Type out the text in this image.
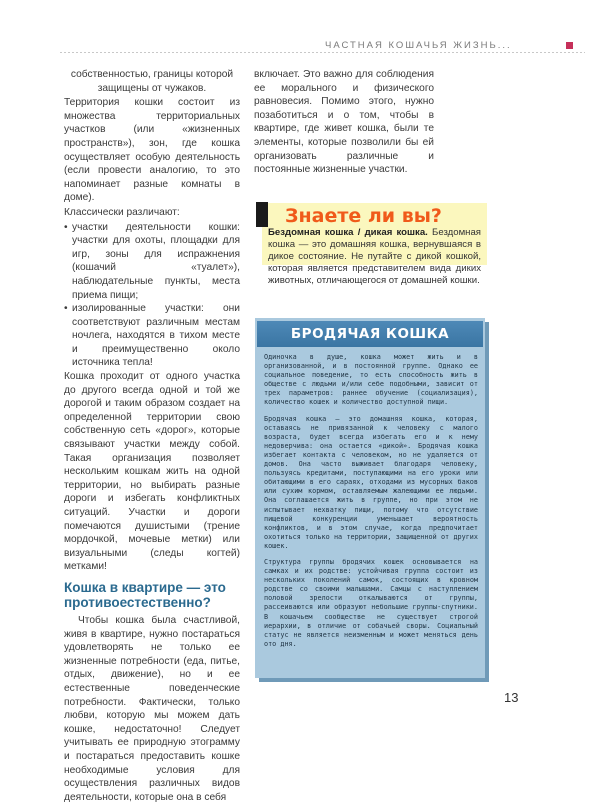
ЧАСТНАЯ КОШАЧЬЯ ЖИЗНЬ...

собственностью, границы которой защищены от чужаков.

Территория кошки состоит из множества территориальных участков (или «жизненных пространств»), зон, где кошка осуществляет особую деятельность (если провести аналогию, то это напоминает разные комнаты в доме).

Классически различают:

• участки деятельности кошки: участки для охоты, площадки для игр, зоны для испражнения (кошачий «туалет»), наблюдательные пункты, места приема пищи;
• изолированные участки: они соответствуют различным местам ночлега, находятся в тихом месте и преимущественно около источника тепла!

Кошка проходит от одного участка до другого всегда одной и той же дорогой и таким образом создает на определенной территории свою собственную сеть «дорог», которые связывают участки между собой. Такая организация позволяет нескольким кошкам жить на одной территории, но выбирать разные дороги и избегать конфликтных ситуаций. Участки и дороги помечаются душистыми (трение мордочкой, мочевые метки) или визуальными (следы когтей) метками!

Кошка в квартире — это противоестественно?

Чтобы кошка была счастливой, живя в квартире, нужно постараться удовлетворять не только ее жизненные потребности (еда, питье, отдых, движение), но и ее естественные поведенческие потребности. Фактически, только любви, которую мы можем дать кошке, недостаточно! Следует учитывать ее природную этограмму и постараться предоставить кошке необходимые условия для осуществления различных видов деятельности, которые она в себя

включает. Это важно для соблюдения ее морального и физического равновесия. Помимо этого, нужно позаботиться и о том, чтобы в квартире, где живет кошка, были те элементы, которые позволили бы ей организовать различные и постоянные жизненные участки.

Знаете ли вы?
Бездомная кошка / дикая кошка. Бездомная кошка — это домашняя кошка, вернувшаяся в дикое состояние. Не путайте с дикой кошкой, которая является представителем вида диких животных, отличающегося от домашней кошки.
БРОДЯЧАЯ КОШКА

Одиночка в душе, кошка может жить и в организованной, и в постоянной группе. Однако ее социальное поведение, то есть способность жить в обществе с людьми и/или себе подобными, зависит от трех параметров: раннее обучение (социализация), количество кошек и количество доступной пищи.

Бродячая кошка — это домашняя кошка, которая, оставаясь не привязанной к человеку с малого возраста, будет всегда избегать его и к нему недоверчива: она остается «дикой». Бродячая кошка избегает контакта с человеком, но не удаляется от домов. Она часто выживает благодаря человеку, пользуясь кредитами, поступающими на его уроки или обитающими в его сараях, отходами из мусорных баков или сухим кормом, оставляемым жалеющими ее людьми. Она соглашается жить в группе, но при этом не испытывает нехватку пищи, потому что отсутствие пищевой конкуренции уменьшает вероятность конфликтов, и в этом случае, когда предпочитает охотиться только на территории, защищенной от других кошек.

Структура группы бродячих кошек основывается на самках и их родстве: устойчивая группа состоит из нескольких поколений самок, состоящих в кровном родстве со своими малышами. Самцы с наступлением половой зрелости откалываются от группы, рассеиваются или образуют небольшие группы-спутники. В кошачьем сообществе не существует строгой иерархии, в отличие от собачьей своры. Социальный статус не является неизменным и может меняться день ото дня.

13
